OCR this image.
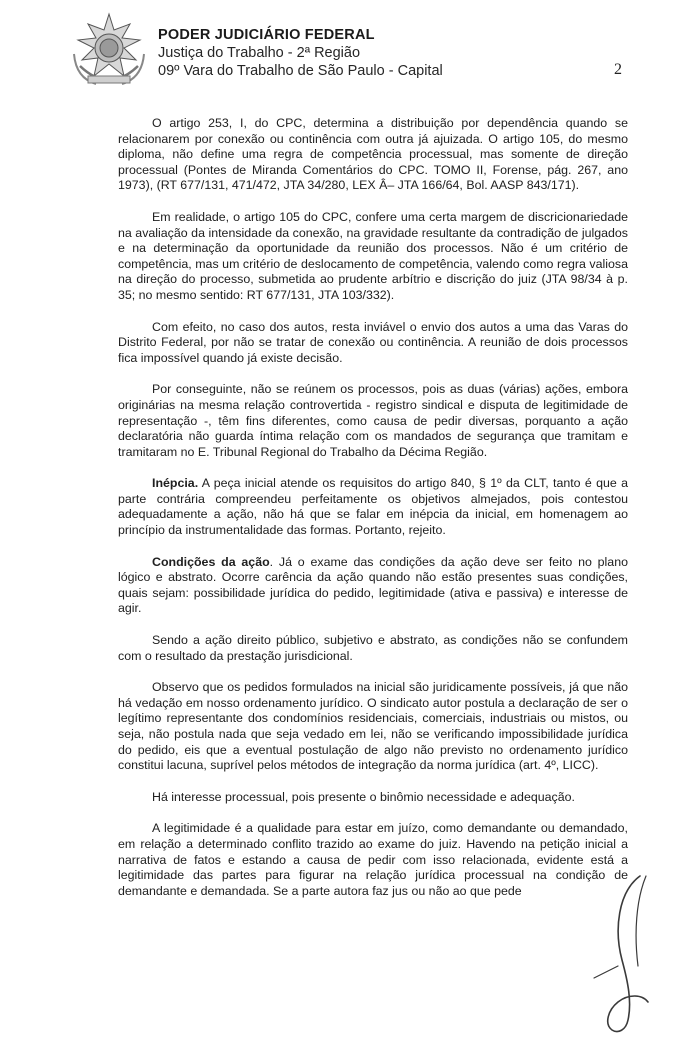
PODER JUDICIÁRIO FEDERAL
Justiça do Trabalho - 2ª Região
09º Vara do Trabalho de São Paulo - Capital	2

O artigo 253, I, do CPC, determina a distribuição por dependência quando se relacionarem por conexão ou continência com outra já ajuizada. O artigo 105, do mesmo diploma, não define uma regra de competência processual, mas somente de direção processual (Pontes de Miranda Comentários do CPC. TOMO II, Forense, pág. 267, ano 1973), (RT 677/131, 471/472, JTA 34/280, LEX Â– JTA 166/64, Bol. AASP 843/171).

Em realidade, o artigo 105 do CPC, confere uma certa margem de discricionariedade na avaliação da intensidade da conexão, na gravidade resultante da contradição de julgados e na determinação da oportunidade da reunião dos processos. Não é um critério de competência, mas um critério de deslocamento de competência, valendo como regra valiosa na direção do processo, submetida ao prudente arbítrio e discrição do juiz (JTA 98/34 à p. 35; no mesmo sentido: RT 677/131, JTA 103/332).

Com efeito, no caso dos autos, resta inviável o envio dos autos a uma das Varas do Distrito Federal, por não se tratar de conexão ou continência. A reunião de dois processos fica impossível quando já existe decisão.

Por conseguinte, não se reúnem os processos, pois as duas (várias) ações, embora originárias na mesma relação controvertida - registro sindical e disputa de legitimidade de representação -, têm fins diferentes, como causa de pedir diversas, porquanto a ação declaratória não guarda íntima relação com os mandados de segurança que tramitam e tramitaram no E. Tribunal Regional do Trabalho da Décima Região.

Inépcia. A peça inicial atende os requisitos do artigo 840, § 1º da CLT, tanto é que a parte contrária compreendeu perfeitamente os objetivos almejados, pois contestou adequadamente a ação, não há que se falar em inépcia da inicial, em homenagem ao princípio da instrumentalidade das formas. Portanto, rejeito.

Condições da ação. Já o exame das condições da ação deve ser feito no plano lógico e abstrato. Ocorre carência da ação quando não estão presentes suas condições, quais sejam: possibilidade jurídica do pedido, legitimidade (ativa e passiva) e interesse de agir.

Sendo a ação direito público, subjetivo e abstrato, as condições não se confundem com o resultado da prestação jurisdicional.

Observo que os pedidos formulados na inicial são juridicamente possíveis, já que não há vedação em nosso ordenamento jurídico. O sindicato autor postula a declaração de ser o legítimo representante dos condomínios residenciais, comerciais, industriais ou mistos, ou seja, não postula nada que seja vedado em lei, não se verificando impossibilidade jurídica do pedido, eis que a eventual postulação de algo não previsto no ordenamento jurídico constitui lacuna, suprível pelos métodos de integração da norma jurídica (art. 4º, LICC).

Há interesse processual, pois presente o binômio necessidade e adequação.

A legitimidade é a qualidade para estar em juízo, como demandante ou demandado, em relação a determinado conflito trazido ao exame do juiz. Havendo na petição inicial a narrativa de fatos e estando a causa de pedir com isso relacionada, evidente está a legitimidade das partes para figurar na relação jurídica processual na condição de demandante e demandada. Se a parte autora faz jus ou não ao que pede
